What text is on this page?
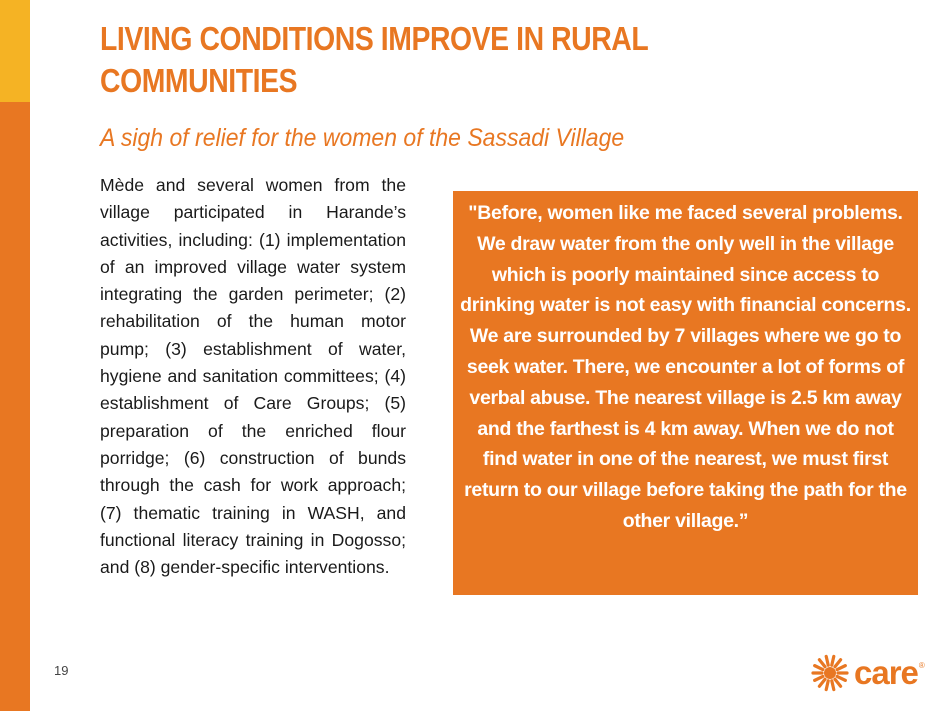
LIVING CONDITIONS IMPROVE IN RURAL COMMUNITIES
A sigh of relief for the women of the Sassadi Village
Mède and several women from the village participated in Harande’s activities, including: (1) implementation of an improved village water system integrating the garden perimeter; (2) rehabilitation of the human motor pump; (3) establishment of water, hygiene and sanitation committees; (4) establishment of Care Groups; (5) preparation of the enriched flour porridge; (6) construction of bunds through the cash for work approach; (7) thematic training in WASH, and functional literacy training in Dogosso; and (8) gender-specific interventions.
"Before, women like me faced several problems. We draw water from the only well in the village which is poorly maintained since access to drinking water is not easy with financial concerns. We are surrounded by 7 villages where we go to seek water. There, we encounter a lot of forms of verbal abuse. The nearest village is 2.5 km away and the farthest is 4 km away. When we do not find water in one of the nearest, we must first return to our village before taking the path for the other village.”
19	care ®
